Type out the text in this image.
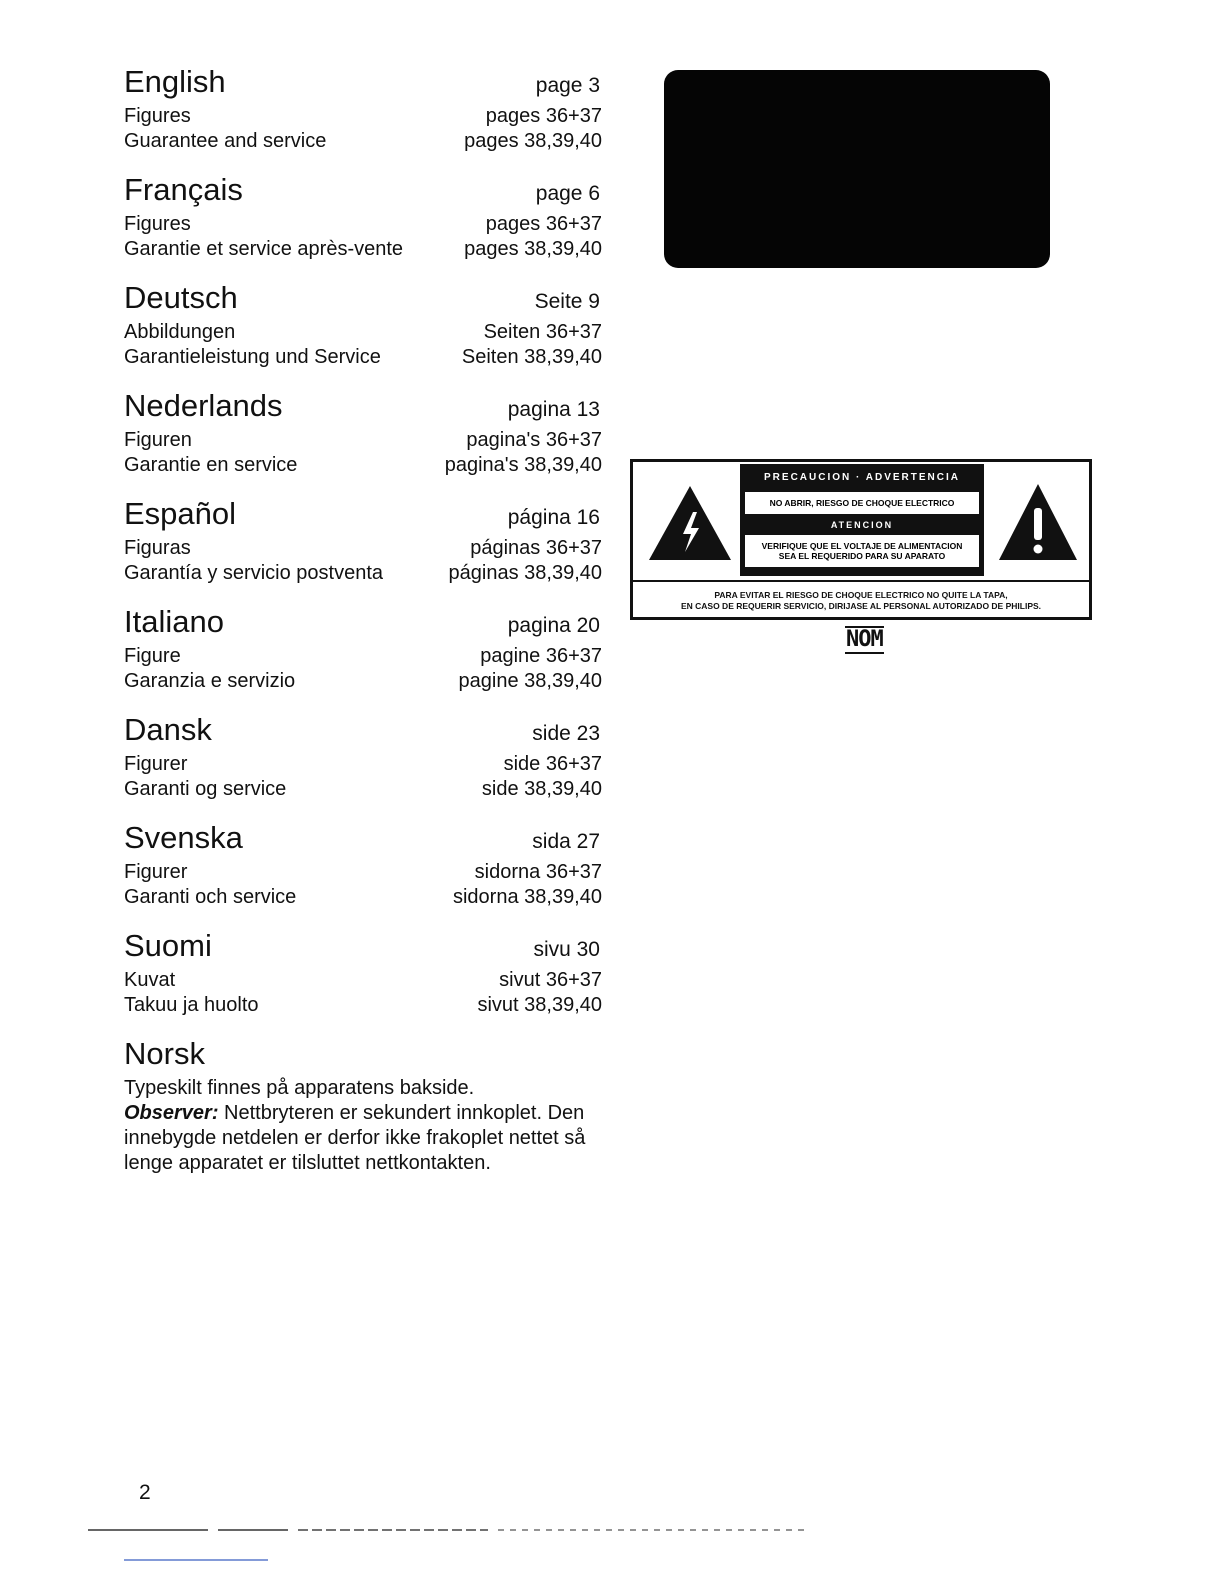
English	page 3
Figures	pages 36+37
Guarantee and service	pages 38,39,40
Français	page 6
Figures	pages 36+37
Garantie et service après-vente	pages 38,39,40
Deutsch	Seite 9
Abbildungen	Seiten 36+37
Garantieleistung und Service	Seiten 38,39,40
Nederlands	pagina 13
Figuren	pagina's 36+37
Garantie en service	pagina's 38,39,40
Español	página 16
Figuras	páginas 36+37
Garantía y servicio postventa	páginas 38,39,40
Italiano	pagina 20
Figure	pagine 36+37
Garanzia e servizio	pagine 38,39,40
Dansk	side 23
Figurer	side 36+37
Garanti og service	side 38,39,40
Svenska	sida 27
Figurer	sidorna 36+37
Garanti och service	sidorna 38,39,40
Suomi	sivu 30
Kuvat	sivut 36+37
Takuu ja huolto	sivut 38,39,40
Norsk
Typeskilt finnes på apparatens bakside.
Observer: Nettbryteren er sekundert innkoplet. Den innebygde netdelen er derfor ikke frakoplet nettet så lenge apparatet er tilsluttet nettkontakten.
PRECAUCION · ADVERTENCIA
NO ABRIR, RIESGO DE CHOQUE ELECTRICO
ATENCION
VERIFIQUE QUE EL VOLTAJE DE ALIMENTACION
SEA EL REQUERIDO PARA SU APARATO
PARA EVITAR EL RIESGO DE CHOQUE ELECTRICO NO QUITE LA TAPA,
EN CASO DE REQUERIR SERVICIO, DIRIJASE AL PERSONAL AUTORIZADO DE PHILIPS.
NOM
2
